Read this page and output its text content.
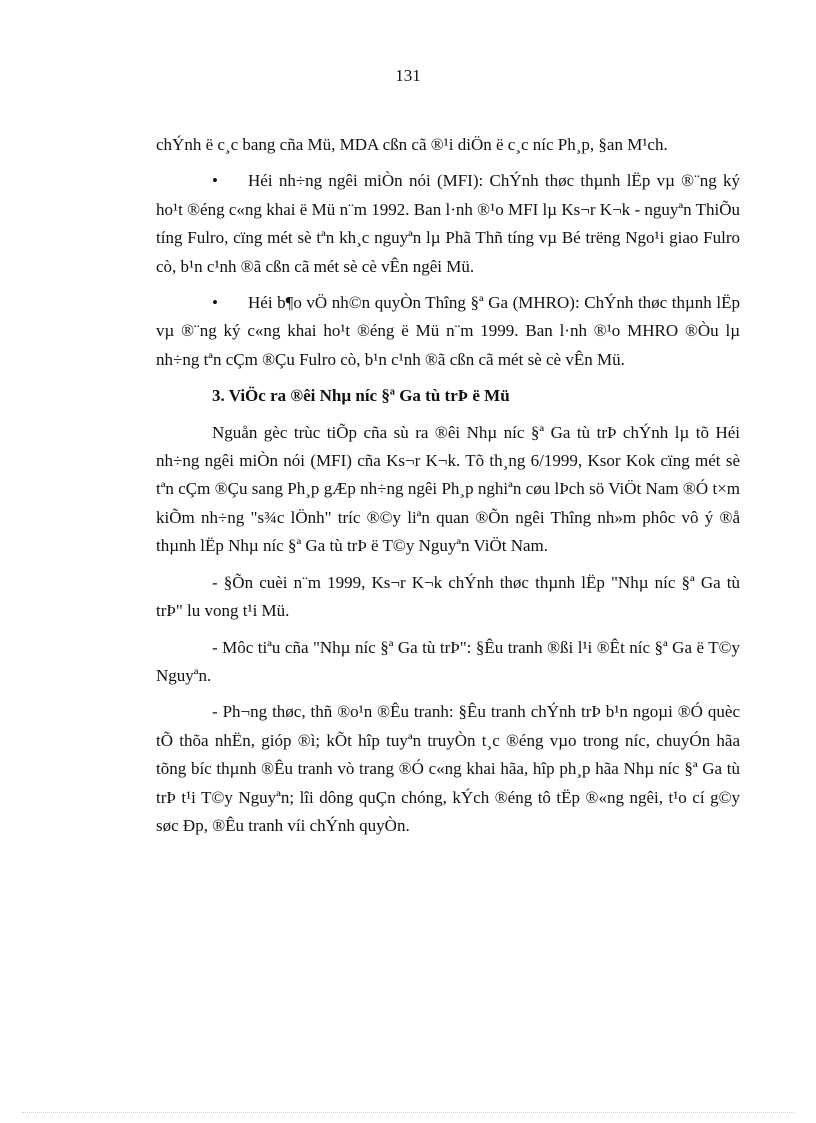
131

chÝnh ë c¸c bang cña Mü, MDA cßn cã ®¹i diÖn ë c¸c níc Ph¸p, §an M¹ch.

• Héi nh÷ng ngêi miÒn nói (MFI): ChÝnh thøc thµnh lËp vµ ®¨ng ký ho¹t ®éng c«ng khai ë Mü n¨m 1992. Ban l·nh ®¹o MFI lµ Ks¬r K¬k - nguyªn ThiÕu tíng Fulro, cïng mét sè tªn kh¸c nguyªn lµ Phã Thñ tíng vµ Bé trëng Ngo¹i giao Fulro cò, b¹n c¹nh ®ã cßn cã mét sè cè vÊn ngêi Mü.

• Héi b¶o vÖ nh©n quyÒn Thîng §ª Ga (MHRO): ChÝnh thøc thµnh lËp vµ ®¨ng ký c«ng khai ho¹t ®éng ë Mü n¨m 1999. Ban l·nh ®¹o MHRO ®Òu lµ nh÷ng tªn cÇm ®Çu Fulro cò, b¹n c¹nh ®ã cßn cã mét sè cè vÊn Mü.

3. ViÖc ra ®êi Nhµ níc §ª Ga tù trÞ ë Mü

Nguån gèc trùc tiÕp cña sù ra ®êi Nhµ níc §ª Ga tù trÞ chÝnh lµ tõ Héi nh÷ng ngêi miÒn nói (MFI) cña Ks¬r K¬k. Tõ th¸ng 6/1999, Ksor Kok cïng mét sè tªn cÇm ®Çu sang Ph¸p gÆp nh÷ng ngêi Ph¸p nghiªn cøu lÞch sö ViÖt Nam ®Ó t×m kiÕm nh÷ng "s¾c lÖnh" tríc ®©y liªn quan ®Õn ngêi Thîng nh»m phôc vô ý ®å thµnh lËp Nhµ níc §ª Ga tù trÞ ë T©y Nguyªn ViÖt Nam.

- §Õn cuèi n¨m 1999, Ks¬r K¬k chÝnh thøc thµnh lËp "Nhµ níc §ª Ga tù trÞ" lu vong t¹i Mü.

- Môc tiªu cña "Nhµ níc §ª Ga tù trÞ": §Êu tranh ®ßi l¹i ®Êt níc §ª Ga ë T©y Nguyªn.

- Ph¬ng thøc, thñ ®o¹n ®Êu tranh: §Êu tranh chÝnh trÞ b¹n ngoµi ®Ó quèc tÕ thõa nhËn, gióp ®ì; kÕt hîp tuyªn truyÒn t¸c ®éng vµo trong níc, chuyÓn hãa tõng bíc thµnh ®Êu tranh vò trang ®Ó c«ng khai hãa, hîp ph¸p hãa Nhµ níc §ª Ga tù trÞ t¹i T©y Nguyªn; lîi dông quÇn chóng, kÝch ®éng tô tËp ®«ng ngêi, t¹o cí g©y søc Ðp, ®Êu tranh víi chÝnh quyÒn.
